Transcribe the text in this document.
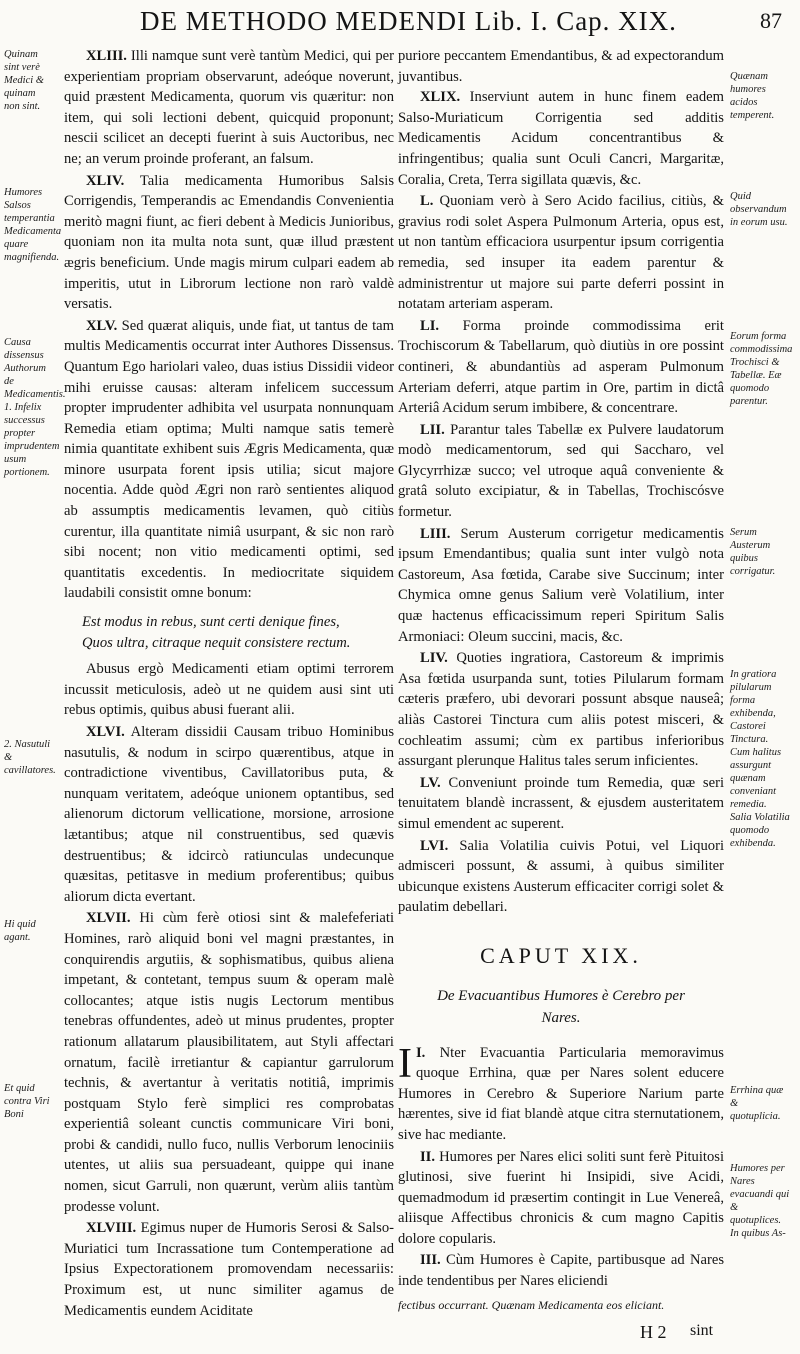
DE METHODO MEDENDI Lib. I. Cap. XIX.	87

XLIII. Illi namque sunt verè tantùm Medici, qui per experientiam propriam observarunt, adeóque noverunt, quid præstent Medicamenta, quorum vis quæritur: non item, qui soli lectioni debent, quicquid proponunt; nescii scilicet an decepti fuerint à suis Auctoribus, nec ne; an verum proinde proferant, an falsum.

XLIV. Talia medicamenta Humoribus Salsis Corrigendis, Temperandis ac Emendandis Convenientia meritò magni fiunt, ac fieri debent à Medicis Junioribus, quoniam non ita multa nota sunt, quæ illud præstent ægris beneficium. Unde magis mirum culpari eadem ab imperitis, utut in Librorum lectione non rarò valdè versatis.

XLV. Sed quærat aliquis, unde fiat, ut tantus de tam multis Medicamentis occurrat inter Authores Dissensus. Quantum Ego hariolari valeo, duas istius Dissidii videor mihi eruisse causas: alteram infelicem successum propter imprudenter adhibita vel usurpata nonnunquam Remedia etiam optima; Multi namque satis temerè nimia quantitate exhibent suis Ægris Medicamenta, quæ minore usurpata forent ipsis utilia; sicut majore nocentia. Adde quòd Ægri non rarò sentientes aliquod ab assumptis medicamentis levamen, quò citiùs curentur, illa quantitate nimiâ usurpant, & sic non rarò sibi nocent; non vitio medicamenti optimi, sed quantitatis excedentis. In mediocritate siquidem laudabili consistit omne bonum:

Est modus in rebus, sunt certi denique fines,
Quos ultra, citraque nequit consistere rectum.

Abusus ergò Medicamenti etiam optimi terrorem incussit meticulosis, adeò ut ne quidem ausi sint uti rebus optimis, quibus abusi fuerant alii.

XLVI. Alteram dissidii Causam tribuo Hominibus nasutulis, & nodum in scirpo quærentibus, atque in contradictione viventibus, Cavillatoribus puta, & nunquam veritatem, adeóque unionem optantibus, sed alienorum dictorum vellicatione, morsione, arrosione lætantibus; atque nil construentibus, sed quævis destruentibus; & idcircò ratiunculas undecunque quæsitas, petitasve in medium proferentibus; quibus aliorum dicta evertant.

XLVII. Hi cùm ferè otiosi sint & malefeferiati Homines, rarò aliquid boni vel magni præstantes, in conquirendis argutiis, & sophismatibus, quibus aliena impetant, & contetant, tempus suum & operam malè collocantes; atque istis nugis Lectorum mentibus tenebras offundentes, adeò ut minus prudentes, propter rationum allatarum plausibilitatem, aut Styli affectari ornatum, facilè irretiantur & capiantur garrulorum technis, & avertantur à veritatis notitiâ, imprimis postquam Stylo ferè simplici res comprobatas experientiâ soleant cunctis communicare Viri boni, probi & candidi, nullo fuco, nullis Verborum lenociniis utentes, ut aliis sua persuadeant, quippe qui inane nomen, sicut Garruli, non quærunt, verùm aliis tantùm prodesse volunt.

XLVIII. Egimus nuper de Humoris Serosi & Salso-Muriatici tum Incrassatione tum Contemperatione ad Ipsius Expectorationem promovendam necessariis: Proximum est, ut nunc similiter agamus de Medicamentis eundem Aciditate

puriore peccantem Emendantibus, & ad expectorandum juvantibus.

XLIX. Inserviunt autem in hunc finem eadem Salso-Muriaticum Corrigentia sed additis Medicamentis Acidum concentrantibus & infringentibus; qualia sunt Oculi Cancri, Margaritæ, Coralia, Creta, Terra sigillata quævis, &c.

L. Quoniam verò à Sero Acido facilius, citiùs, & gravius rodi solet Aspera Pulmonum Arteria, opus est, ut non tantùm efficaciora usurpentur ipsum corrigentia remedia, sed insuper ita eadem parentur & administrentur ut majore sui parte deferri possint in notatam arteriam asperam.

LI. Forma proinde commodissima erit Trochiscorum & Tabellarum, quò diutiùs in ore possint contineri, & abundantiùs ad asperam Pulmonum Arteriam deferri, atque partim in Ore, partim in dictâ Arteriâ Acidum serum imbibere, & concentrare.

LII. Parantur tales Tabellæ ex Pulvere laudatorum modò medicamentorum, sed qui Saccharo, vel Glycyrrhizæ succo; vel utroque aquâ conveniente & gratâ soluto excipiatur, & in Tabellas, Trochiscósve formetur.

LIII. Serum Austerum corrigetur medicamentis ipsum Emendantibus; qualia sunt inter vulgò nota Castoreum, Asa fœtida, Carabe sive Succinum; inter Chymica omne genus Salium verè Volatilium, inter quæ hactenus efficacissimum reperi Spiritum Salis Armoniaci: Oleum succini, macis, &c.

LIV. Quoties ingratiora, Castoreum & imprimis Asa fœtida usurpanda sunt, toties Pilularum formam cæteris præfero, ubi devorari possunt absque nauseâ; aliàs Castorei Tinctura cum aliis potest misceri, & cochleatim assumi; cùm ex partibus inferioribus assurgant plerunque Halitus tales serum inficientes.

LV. Conveniunt proinde tum Remedia, quæ seri tenuitatem blandè incrassent, & ejusdem austeritatem simul emendent ac superent.

LVI. Salia Volatilia cuivis Potui, vel Liquori admisceri possunt, & assumi, à quibus similiter ubicunque existens Austerum efficaciter corrigi solet & paulatim debellari.

CAPUT XIX.

De Evacuantibus Humores è Cerebro per Nares.

I.
I Nter Evacuantia Particularia memoravimus quoque Errhina, quæ per Nares solent educere Humores in Cerebro & Superiore Narium parte hærentes, sive id fiat blandè atque citra sternutationem, sive hac mediante.

II. Humores per Nares elici soliti sunt ferè Pituitosi glutinosi, sive fuerint hi Insipidi, sive Acidi, quemadmodum id præsertim contingit in Lue Venereâ, aliisque Affectibus chronicis & cum magno Capitis dolore copularis.

III. Cùm Humores è Capite, partibusque ad Nares inde tendentibus per Nares eliciendi

Quinam sint verè Medici & quinam non sint.
Humores Salsos temperantia Medicamenta quare magnifienda.
Causa dissensus Authorum de Medicamentis. 1. Infelix successus propter imprudentem usum portionem.
2. Nasutuli & cavillatores.
Hi quid agant.
Et quid contra Viri Boni
Quænam humores acidos temperent.
Quid observandum in eorum usu.
Eorum forma commodissima Trochisci & Tabellæ. Eæ quomodo parentur.
Serum Austerum quibus corrigatur.
In gratiora pilularum forma exhibenda, Castorei Tinctura. Cum halitus assurgunt quænam conveniant remedia. Salia Volatilia quomodo exhibenda.
Errhina quæ & quotuplicia.
Humores per Nares evacuandi qui & quotuplices. In quibus As-
fectibus occurrant. Quænam Medicamenta eos eliciant.
H 2 sint
